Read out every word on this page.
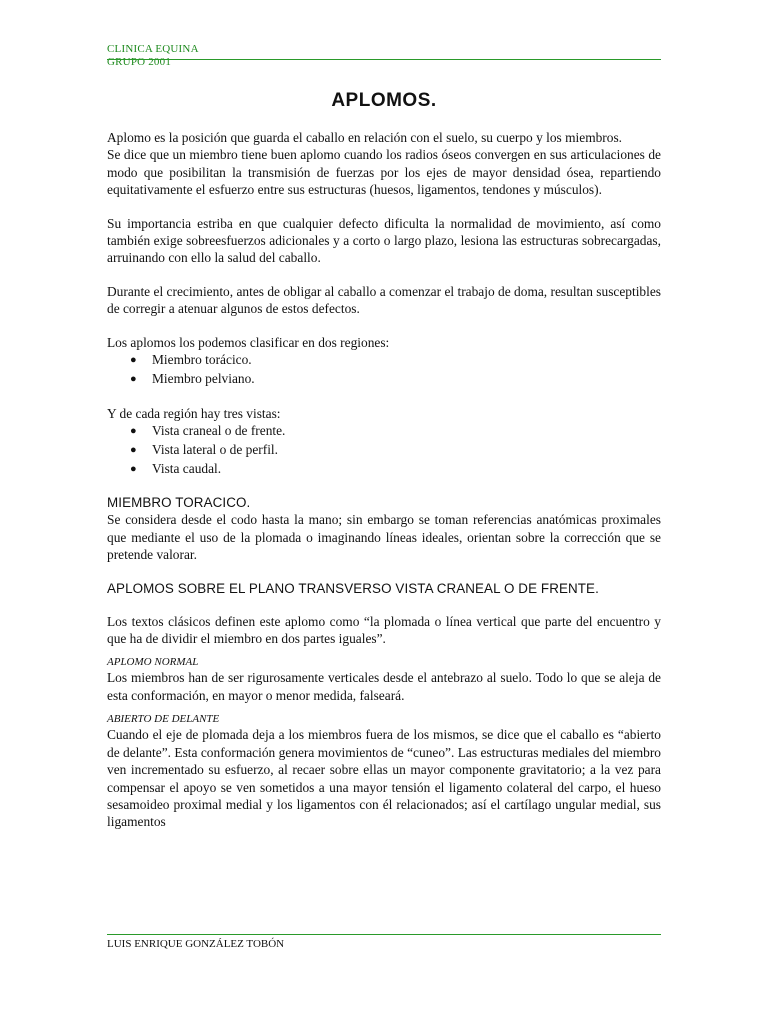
CLINICA EQUINA
GRUPO 2001
APLOMOS.

Aplomo es la posición que guarda el caballo en relación con el suelo, su cuerpo y los miembros.

Se dice que un miembro tiene buen aplomo cuando los radios óseos convergen en sus articulaciones de modo que posibilitan la transmisión de fuerzas por los ejes de mayor densidad ósea, repartiendo equitativamente el esfuerzo entre sus estructuras (huesos, ligamentos, tendones y músculos).

Su importancia estriba en que cualquier defecto dificulta la normalidad de movimiento, así como también exige sobreesfuerzos adicionales y a corto o largo plazo, lesiona las estructuras sobrecargadas, arruinando con ello la salud del caballo.

Durante el crecimiento, antes de obligar al caballo a comenzar el trabajo de doma, resultan susceptibles de corregir a atenuar algunos de estos defectos.

Los aplomos los podemos clasificar en dos regiones:

● Miembro torácico.
● Miembro pelviano.

Y de cada región hay tres vistas:

● Vista craneal o de frente.
● Vista lateral o de perfil.
● Vista caudal.
MIEMBRO TORACICO.

Se considera desde el codo hasta la mano; sin embargo se toman referencias anatómicas proximales que mediante el uso de la plomada o imaginando líneas ideales, orientan sobre la corrección que se pretende valorar.

APLOMOS SOBRE EL PLANO TRANSVERSO VISTA CRANEAL O DE FRENTE.

Los textos clásicos definen este aplomo como “la plomada o línea vertical que parte del encuentro y que ha de dividir el miembro en dos partes iguales”.

APLOMO NORMAL

Los miembros han de ser rigurosamente verticales desde el antebrazo al suelo. Todo lo que se aleja de esta conformación, en mayor o menor medida, falseará.

ABIERTO DE DELANTE

Cuando el eje de plomada deja a los miembros fuera de los mismos, se dice que el caballo es “abierto de delante”. Esta conformación genera movimientos de “cuneo”. Las estructuras mediales del miembro ven incrementado su esfuerzo, al recaer sobre ellas un mayor componente gravitatorio; a la vez para compensar el apoyo se ven sometidos a una mayor tensión el ligamento colateral del carpo, el hueso sesamoideo proximal medial y los ligamentos con él relacionados; así el cartílago ungular medial, sus ligamentos

LUIS ENRIQUE GONZÁLEZ TOBÓN
